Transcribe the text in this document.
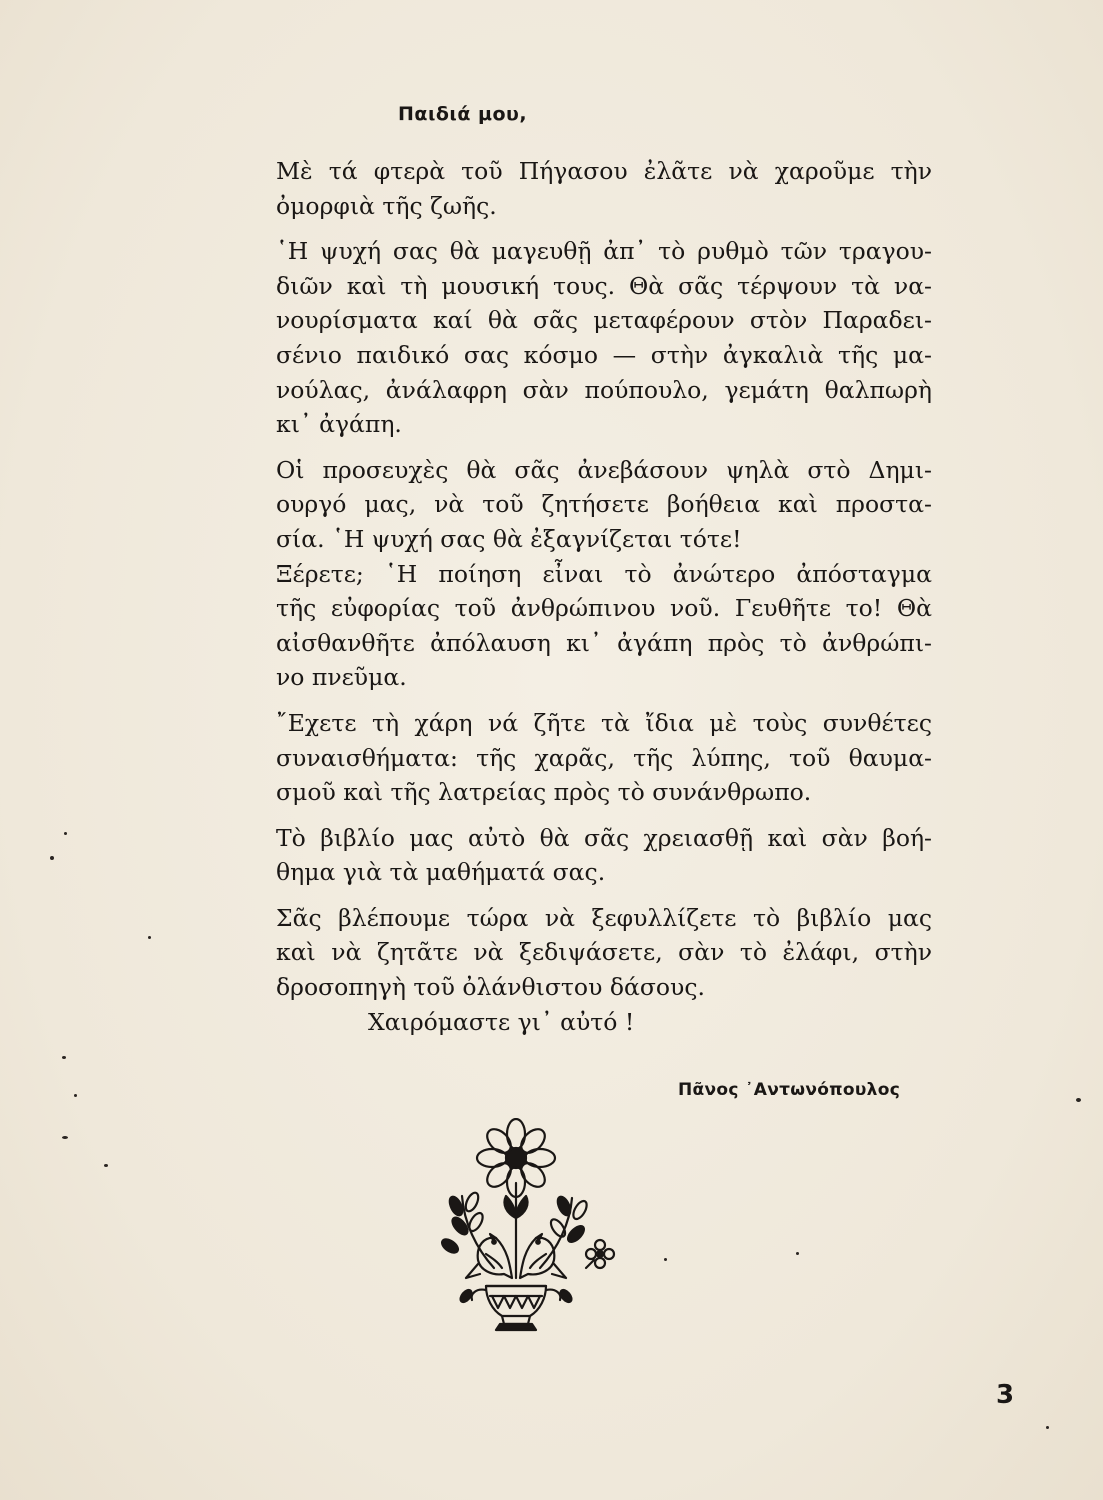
Παιδιά μου,

Μὲ τά φτερὰ τοῦ Πήγασου ἐλᾶτε νὰ χαροῦμε τὴν
ὀμορφιὰ τῆς ζωῆς.

῾Η ψυχή σας θὰ μαγευθῇ ἀπ᾿ τὸ ρυθμὸ τῶν τραγου-
διῶν καὶ τὴ μουσική τους. Θὰ σᾶς τέρψουν τὰ να-
νουρίσματα καί θὰ σᾶς μεταφέρουν στὸν Παραδει-
σένιο παιδικό σας κόσμο — στὴν ἀγκαλιὰ τῆς μα-
νούλας, ἀνάλαφρη σὰν πούπουλο, γεμάτη θαλπωρὴ
κι᾿ ἀγάπη.

Οἱ προσευχὲς θὰ σᾶς ἀνεβάσουν ψηλὰ στὸ Δημι-
ουργό μας, νὰ τοῦ ζητήσετε βοήθεια καὶ προστα-
σία. ῾Η ψυχή σας θὰ ἐξαγνίζεται τότε!
Ξέρετε; ῾Η ποίηση εἶναι τὸ ἀνώτερο ἀπόσταγμα
τῆς εὐφορίας τοῦ ἀνθρώπινου νοῦ. Γευθῆτε το! Θὰ
αἰσθανθῆτε ἀπόλαυση κι᾿ ἀγάπη πρὸς τὸ ἀνθρώπι-
νο πνεῦμα.

῎Εχετε τὴ χάρη νά ζῆτε τὰ ἴδια μὲ τοὺς συνθέτες
συναισθήματα: τῆς χαρᾶς, τῆς λύπης, τοῦ θαυμα-
σμοῦ καὶ τῆς λατρείας πρὸς τὸ συνάνθρωπο.

Τὸ βιβλίο μας αὐτὸ θὰ σᾶς χρειασθῇ καὶ σὰν βοή-
θημα γιὰ τὰ μαθήματά σας.

Σᾶς βλέπουμε τώρα νὰ ξεφυλλίζετε τὸ βιβλίο μας
καὶ νὰ ζητᾶτε νὰ ξεδιψάσετε, σὰν τὸ ἐλάφι, στὴν
δροσοπηγὴ τοῦ ὀλάνθιστου δάσους.
Χαιρόμαστε γι᾿ αὐτό !

Πᾶνος ᾿Αντωνόπουλος
3
